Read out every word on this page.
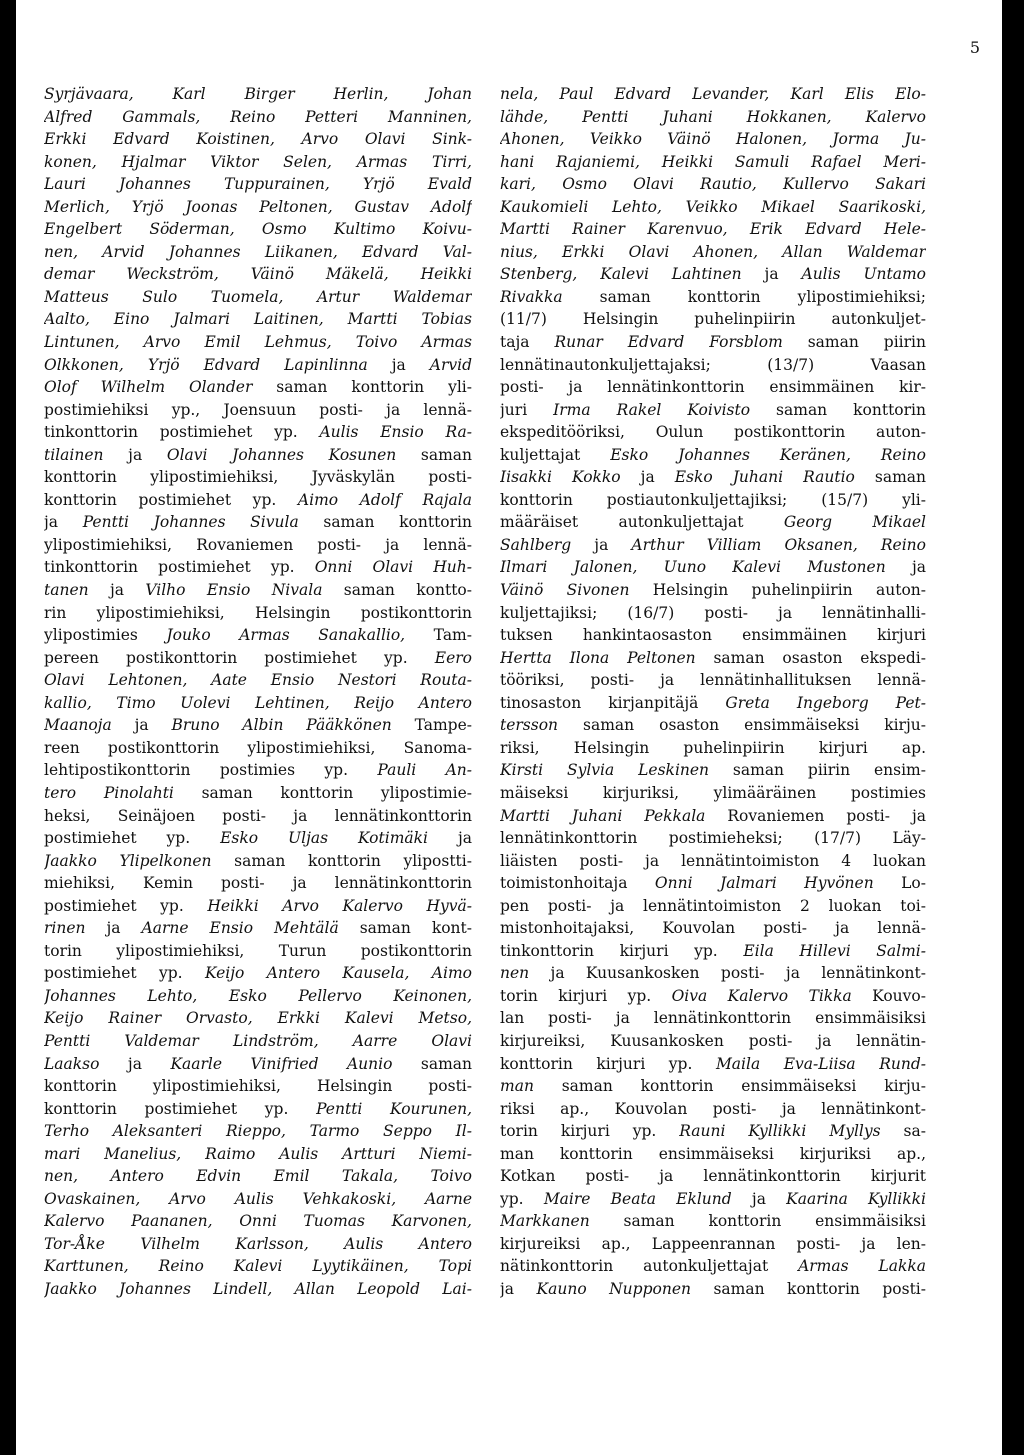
5
Syrjävaara, Karl Birger Herlin, Johan
Alfred Gammals, Reino Petteri Manninen,
Erkki Edvard Koistinen, Arvo Olavi Sink-
konen, Hjalmar Viktor Selen, Armas Tirri,
Lauri Johannes Tuppurainen, Yrjö Evald
Merlich, Yrjö Joonas Peltonen, Gustav Adolf
Engelbert Söderman, Osmo Kultimo Koivu-
nen, Arvid Johannes Liikanen, Edvard Val-
demar Weckström, Väinö Mäkelä, Heikki
Matteus Sulo Tuomela, Artur Waldemar
Aalto, Eino Jalmari Laitinen, Martti Tobias
Lintunen, Arvo Emil Lehmus, Toivo Armas
Olkkonen, Yrjö Edvard Lapinlinna ja Arvid
Olof Wilhelm Olander saman konttorin yli-
postimiehiksi yp., Joensuun posti- ja lennä-
tinkonttorin postimiehet yp. Aulis Ensio Ra-
tilainen ja Olavi Johannes Kosunen saman
konttorin ylipostimiehiksi, Jyväskylän posti-
konttorin postimiehet yp. Aimo Adolf Rajala
ja Pentti Johannes Sivula saman konttorin
ylipostimiehiksi, Rovaniemen posti- ja lennä-
tinkonttorin postimiehet yp. Onni Olavi Huh-
tanen ja Vilho Ensio Nivala saman kontto-
rin ylipostimiehiksi, Helsingin postikonttorin
ylipostimies Jouko Armas Sanakallio, Tam-
pereen postikonttorin postimiehet yp. Eero
Olavi Lehtonen, Aate Ensio Nestori Routa-
kallio, Timo Uolevi Lehtinen, Reijo Antero
Maanoja ja Bruno Albin Pääkkönen Tampe-
reen postikonttorin ylipostimiehiksi, Sanoma-
lehtipostikonttorin postimies yp. Pauli An-
tero Pinolahti saman konttorin ylipostimie-
heksi, Seinäjoen posti- ja lennätinkonttorin
postimiehet yp. Esko Uljas Kotimäki ja
Jaakko Ylipelkonen saman konttorin ylipostti-
miehiksi, Kemin posti- ja lennätinkonttorin
postimiehet yp. Heikki Arvo Kalervo Hyvä-
rinen ja Aarne Ensio Mehtälä saman kont-
torin ylipostimiehiksi, Turun postikonttorin
postimiehet yp. Keijo Antero Kausela, Aimo
Johannes Lehto, Esko Pellervo Keinonen,
Keijo Rainer Orvasto, Erkki Kalevi Metso,
Pentti Valdemar Lindström, Aarre Olavi
Laakso ja Kaarle Vinifried Aunio saman
konttorin ylipostimiehiksi, Helsingin posti-
konttorin postimiehet yp. Pentti Kourunen,
Terho Aleksanteri Rieppo, Tarmo Seppo Il-
mari Manelius, Raimo Aulis Artturi Niemi-
nen, Antero Edvin Emil Takala, Toivo
Ovaskainen, Arvo Aulis Vehkakoski, Aarne
Kalervo Paananen, Onni Tuomas Karvonen,
Tor-Åke Vilhelm Karlsson, Aulis Antero
Karttunen, Reino Kalevi Lyytikäinen, Topi
Jaakko Johannes Lindell, Allan Leopold Lai-
nela, Paul Edvard Levander, Karl Elis Elo-
lähde, Pentti Juhani Hokkanen, Kalervo
Ahonen, Veikko Väinö Halonen, Jorma Ju-
hani Rajaniemi, Heikki Samuli Rafael Meri-
kari, Osmo Olavi Rautio, Kullervo Sakari
Kaukomieli Lehto, Veikko Mikael Saarikoski,
Martti Rainer Karenvuo, Erik Edvard Hele-
nius, Erkki Olavi Ahonen, Allan Waldemar
Stenberg, Kalevi Lahtinen ja Aulis Untamo
Rivakka saman konttorin ylipostimiehiksi;
(11/7) Helsingin puhelinpiirin autonkuljet-
taja Runar Edvard Forsblom saman piirin
lennätinautonkuljettajaksi; (13/7) Vaasan
posti- ja lennätinkonttorin ensimmäinen kir-
juri Irma Rakel Koivisto saman konttorin
ekspeditööriksi, Oulun postikonttorin auton-
kuljettajat Esko Johannes Keränen, Reino
Iisakki Kokko ja Esko Juhani Rautio saman
konttorin postiautonkuljettajiksi; (15/7) yli-
määräiset autonkuljettajat Georg Mikael
Sahlberg ja Arthur Villiam Oksanen, Reino
Ilmari Jalonen, Uuno Kalevi Mustonen ja
Väinö Sivonen Helsingin puhelinpiirin auton-
kuljettajiksi; (16/7) posti- ja lennätinhalli-
tuksen hankintaosaston ensimmäinen kirjuri
Hertta Ilona Peltonen saman osaston ekspedi-
tööriksi, posti- ja lennätinhallituksen lennä-
tinosaston kirjanpitäjä Greta Ingeborg Pet-
tersson saman osaston ensimmäiseksi kirju-
riksi, Helsingin puhelinpiirin kirjuri ap.
Kirsti Sylvia Leskinen saman piirin ensim-
mäiseksi kirjuriksi, ylimääräinen postimies
Martti Juhani Pekkala Rovaniemen posti- ja
lennätinkonttorin postimieheksi; (17/7) Läy-
liäisten posti- ja lennätintoimiston 4 luokan
toimistonhoitaja Onni Jalmari Hyvönen Lo-
pen posti- ja lennätintoimiston 2 luokan toi-
mistonhoitajaksi, Kouvolan posti- ja lennä-
tinkonttorin kirjuri yp. Eila Hillevi Salmi-
nen ja Kuusankosken posti- ja lennätinkont-
torin kirjuri yp. Oiva Kalervo Tikka Kouvo-
lan posti- ja lennätinkonttorin ensimmäisiksi
kirjureiksi, Kuusankosken posti- ja lennätin-
konttorin kirjuri yp. Maila Eva-Liisa Rund-
man saman konttorin ensimmäiseksi kirju-
riksi ap., Kouvolan posti- ja lennätinkont-
torin kirjuri yp. Rauni Kyllikki Myllys sa-
man konttorin ensimmäiseksi kirjuriksi ap.,
Kotkan posti- ja lennätinkonttorin kirjurit
yp. Maire Beata Eklund ja Kaarina Kyllikki
Markkanen saman konttorin ensimmäisiksi
kirjureiksi ap., Lappeenrannan posti- ja len-
nätinkonttorin autonkuljettajat Armas Lakka
ja Kauno Nupponen saman konttorin posti-
